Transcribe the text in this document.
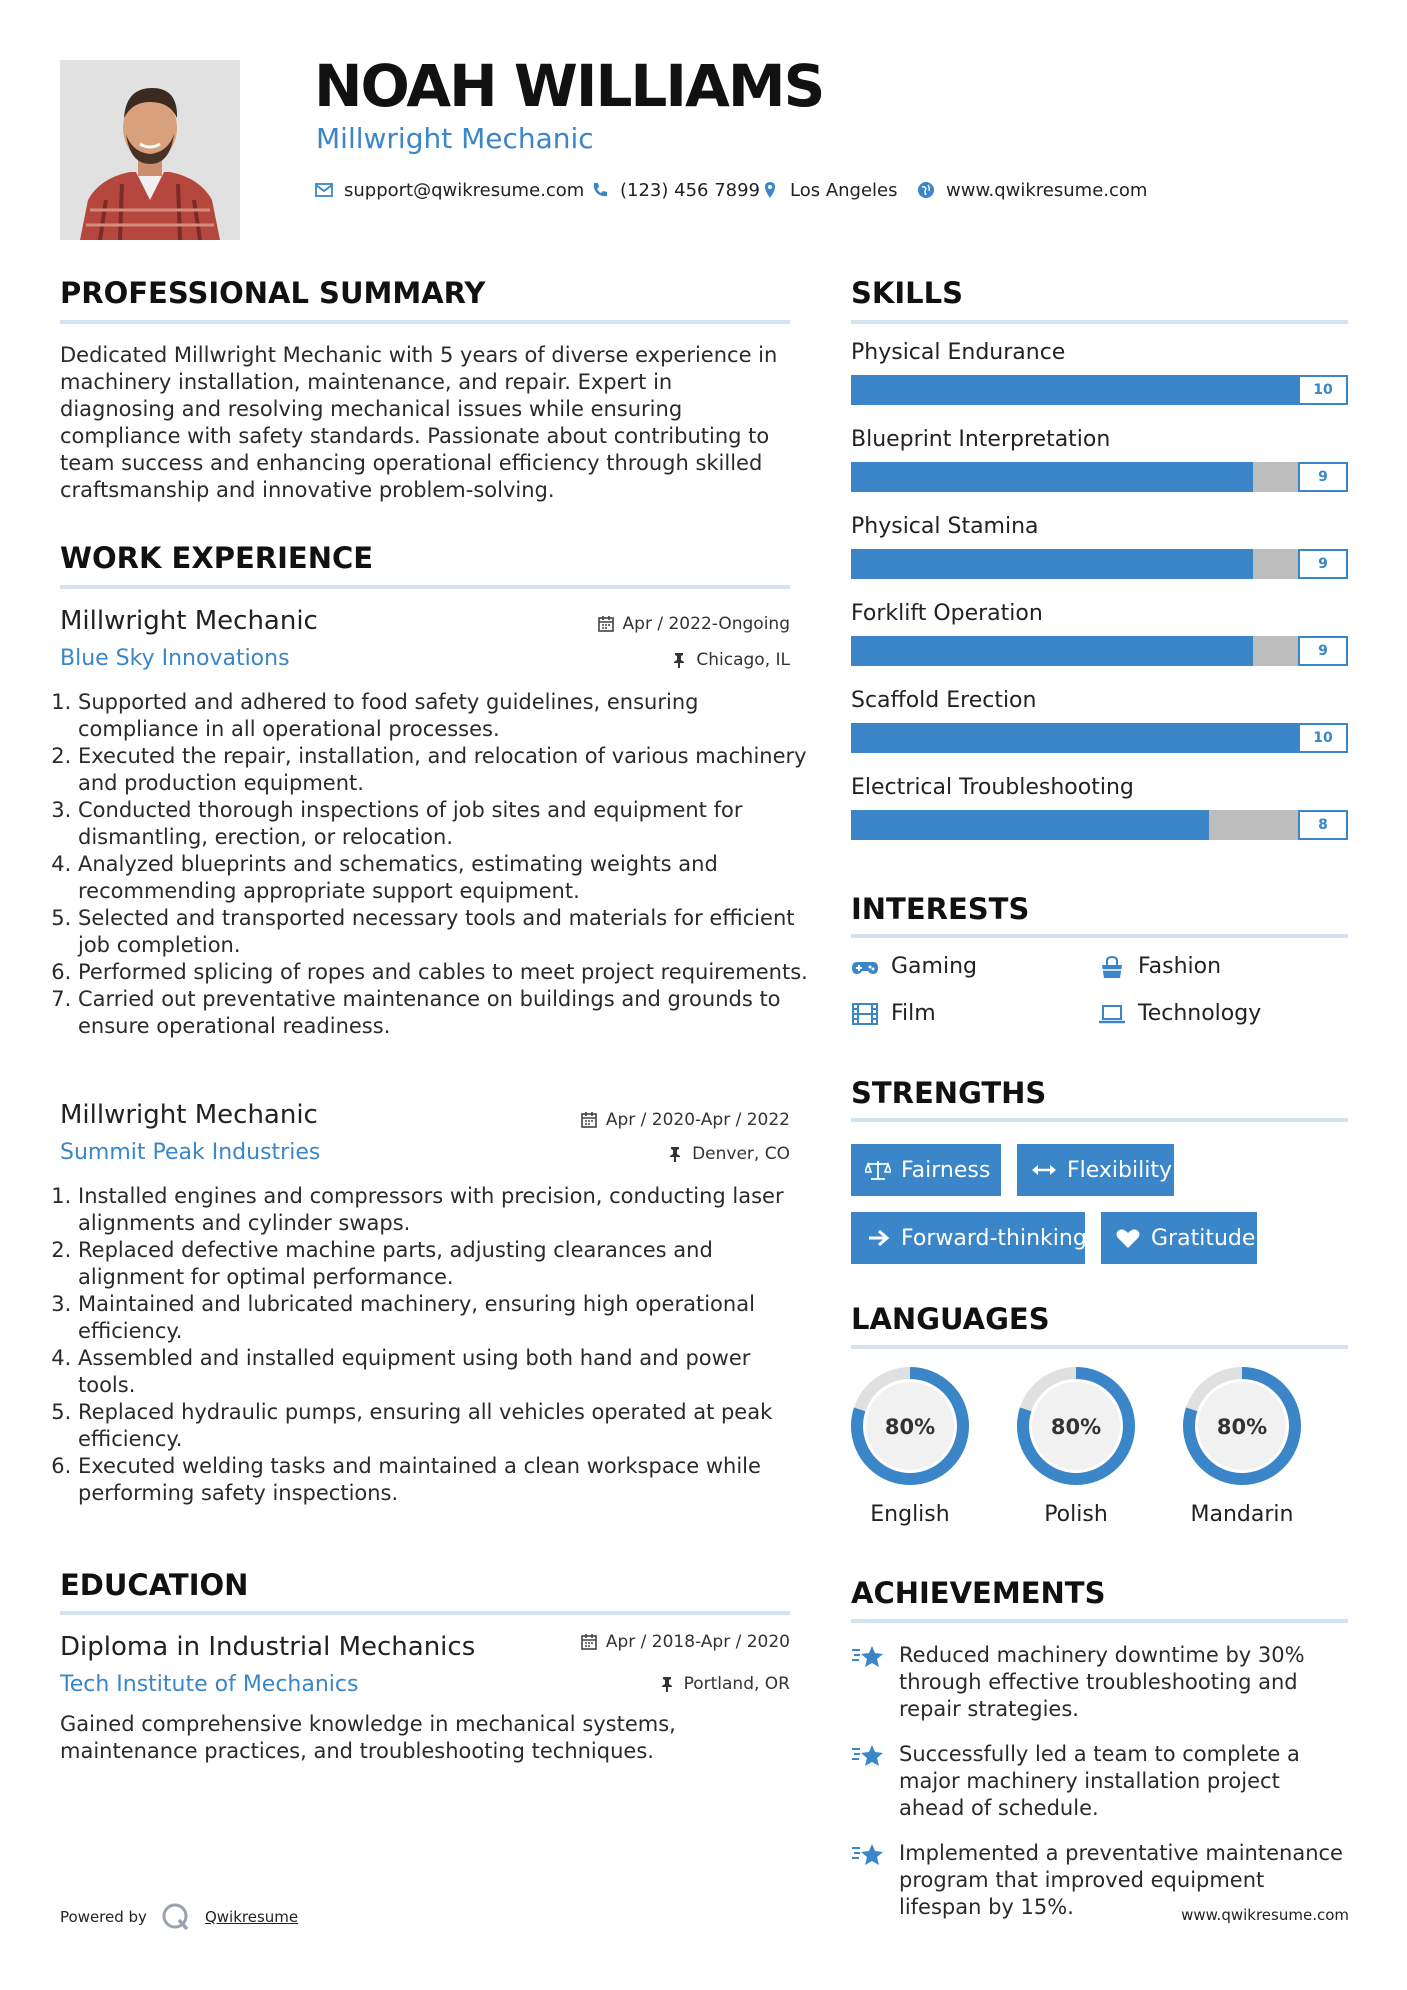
NOAH WILLIAMS
Millwright Mechanic
support@qwikresume.com (123) 456 7899 Los Angeles	www.qwikresume.com
PROFESSIONAL SUMMARY
Dedicated Millwright Mechanic with 5 years of diverse experience in machinery installation, maintenance, and repair. Expert in diagnosing and resolving mechanical issues while ensuring compliance with safety standards. Passionate about contributing to team success and enhancing operational efficiency through skilled craftsmanship and innovative problem-solving.
WORK EXPERIENCE
Millwright Mechanic	Apr / 2022-Ongoing
Blue Sky Innovations	Chicago, IL
1. Supported and adhered to food safety guidelines, ensuring compliance in all operational processes.
2. Executed the repair, installation, and relocation of various machinery and production equipment.
3. Conducted thorough inspections of job sites and equipment for dismantling, erection, or relocation.
4. Analyzed blueprints and schematics, estimating weights and recommending appropriate support equipment.
5. Selected and transported necessary tools and materials for efficient job completion.
6. Performed splicing of ropes and cables to meet project requirements.
7. Carried out preventative maintenance on buildings and grounds to ensure operational readiness.
Millwright Mechanic	Apr / 2020-Apr / 2022
Summit Peak Industries	Denver, CO
1. Installed engines and compressors with precision, conducting laser alignments and cylinder swaps.
2. Replaced defective machine parts, adjusting clearances and alignment for optimal performance.
3. Maintained and lubricated machinery, ensuring high operational efficiency.
4. Assembled and installed equipment using both hand and power tools.
5. Replaced hydraulic pumps, ensuring all vehicles operated at peak efficiency.
6. Executed welding tasks and maintained a clean workspace while performing safety inspections.
EDUCATION
Diploma in Industrial Mechanics	Apr / 2018-Apr / 2020
Tech Institute of Mechanics	Portland, OR
Gained comprehensive knowledge in mechanical systems, maintenance practices, and troubleshooting techniques.
SKILLS
Physical Endurance
10
Blueprint Interpretation
9
Physical Stamina
9
Forklift Operation
9
Scaffold Erection
10
Electrical Troubleshooting
8
INTERESTS
Gaming	Fashion
Film	Technology
STRENGTHS
Fairness	Flexibility
Forward-thinking	Gratitude
LANGUAGES
80%
English
80%
Polish
80%
Mandarin
ACHIEVEMENTS
Reduced machinery downtime by 30% through effective troubleshooting and repair strategies.
Successfully led a team to complete a major machinery installation project ahead of schedule.
Implemented a preventative maintenance program that improved equipment lifespan by 15%.
Powered by	Qwikresume	www.qwikresume.com
